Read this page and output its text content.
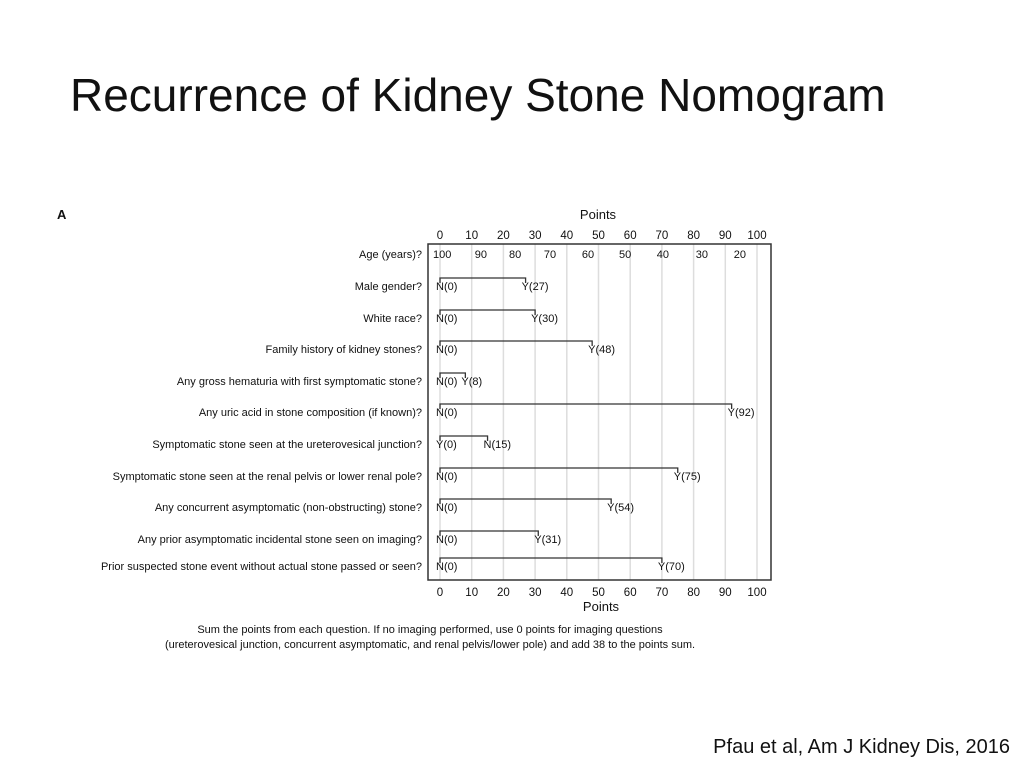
Recurrence of Kidney Stone Nomogram
A	Points
Points
0
0
10
10
20
20
30
30
40
40
50
50
60
60
70
70
80
80
90
90
100
100
Age (years)? 100 90 80 70 60 50 40 30 20
Male gender? N(0)	Y(27)
White race? N(0)	Y(30)
Family history of kidney stones? N(0)	Y(48)
Any gross hematuria with first symptomatic stone? N(0) Y(8)
Any uric acid in stone composition (if known)? N(0)	Y(92)
Symptomatic stone seen at the ureterovesical junction? Y(0) N(15)
Symptomatic stone seen at the renal pelvis or lower renal pole? N(0)	Y(75)
Any concurrent asymptomatic (non-obstructing) stone? N(0)	Y(54)
Any prior asymptomatic incidental stone seen on imaging? N(0)	Y(31)
Prior suspected stone event without actual stone passed or seen? N(0)	Y(70)
Sum the points from each question. If no imaging performed, use 0 points for imaging questions
(ureterovesical junction, concurrent asymptomatic, and renal pelvis/lower pole) and add 38 to the points sum.
Pfau et al, Am J Kidney Dis, 2016
